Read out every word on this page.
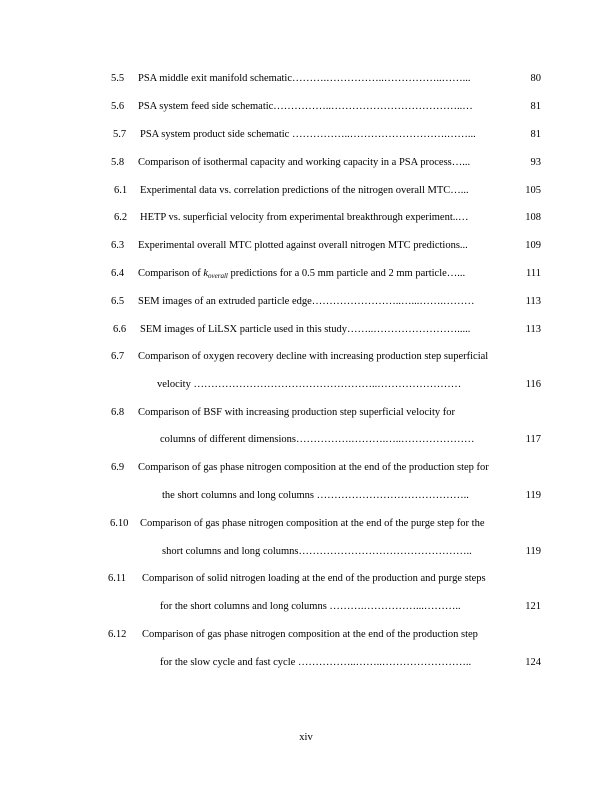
5.5 PSA middle exit manifold schematic……….……………..……………..……...	80
5.6 PSA system feed side schematic……………..………………………………..…	81
5.7 PSA system product side schematic ……………..……………………….……...	81
5.8 Comparison of isothermal capacity and working capacity in a PSA process…...	93
6.1 Experimental data vs. correlation predictions of the nitrogen overall MTC…...	105
6.2 HETP vs. superficial velocity from experimental breakthrough experiment..…	108
6.3 Experimental overall MTC plotted against overall nitrogen MTC predictions...	109
6.4 Comparison of $k_{overall}$ predictions for a 0.5 mm particle and 2 mm particle…...	111
6.5 SEM images of an extruded particle edge……………………..…...…….………	113
6.6 SEM images of LiLSX particle used in this study……..…………………….....	113
6.7 Comparison of oxygen recovery decline with increasing production step superficial
velocity ……………………………………………..……………………	116
6.8 Comparison of BSF with increasing production step superficial velocity for
columns of different dimensions…………….……….…..…………………	117
6.9 Comparison of gas phase nitrogen composition at the end of the production step for
the short columns and long columns ……………………………………..	119
6.10 Comparison of gas phase nitrogen composition at the end of the purge step for the
short columns and long columns…………………………………………..	119
6.11 Comparison of solid nitrogen loading at the end of the production and purge steps
for the short columns and long columns ……….……………...………..	121
6.12 Comparison of gas phase nitrogen composition at the end of the production step
for the slow cycle and fast cycle ……………..……..……………………..	124
xiv
